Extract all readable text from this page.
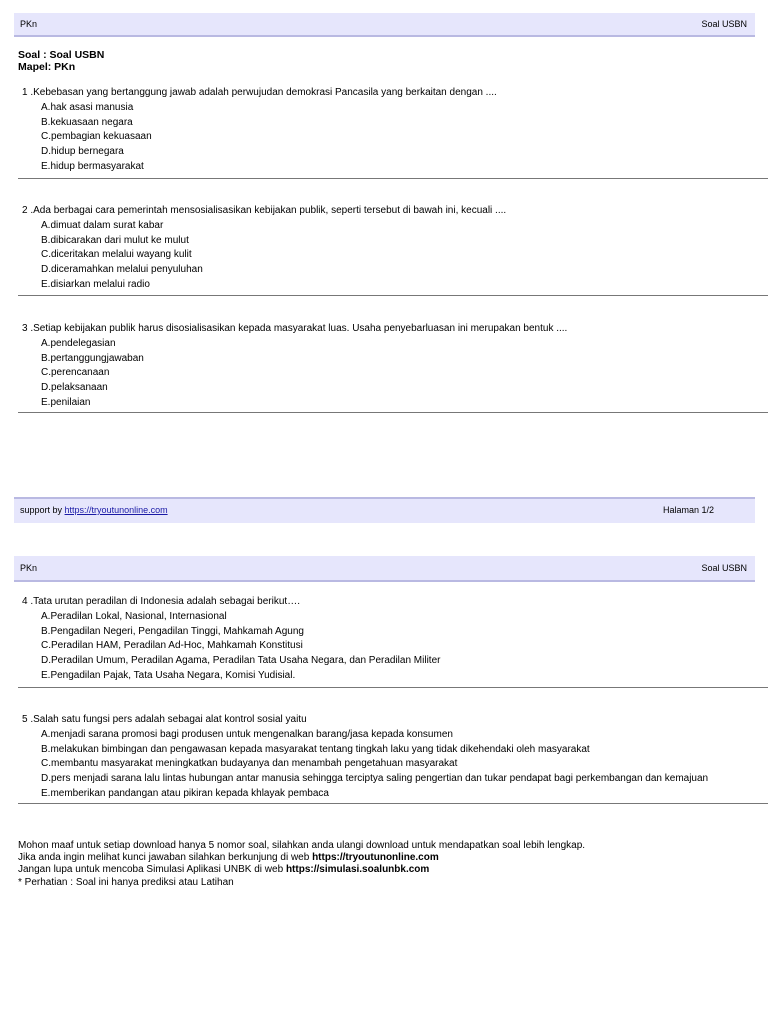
PKn	Soal USBN
Soal : Soal USBN
Mapel: PKn
1 .Kebebasan yang bertanggung jawab adalah perwujudan demokrasi Pancasila yang berkaitan dengan ....
A.hak asasi manusia
B.kekuasaan negara
C.pembagian kekuasaan
D.hidup bernegara
E.hidup bermasyarakat
2 .Ada berbagai cara pemerintah mensosialisasikan kebijakan publik, seperti tersebut di bawah ini, kecuali ....
A.dimuat dalam surat kabar
B.dibicarakan dari mulut ke mulut
C.diceritakan melalui wayang kulit
D.diceramahkan melalui penyuluhan
E.disiarkan melalui radio
3 .Setiap kebijakan publik harus disosialisasikan kepada masyarakat luas. Usaha penyebarluasan ini merupakan bentuk ....
A.pendelegasian
B.pertanggungjawaban
C.perencanaan
D.pelaksanaan
E.penilaian
support by https://tryoutunonline.com	Halaman 1/2
PKn	Soal USBN
4 .Tata urutan peradilan di Indonesia adalah sebagai berikut….
A.Peradilan Lokal, Nasional, Internasional
B.Pengadilan Negeri, Pengadilan Tinggi, Mahkamah Agung
C.Peradilan HAM, Peradilan Ad-Hoc, Mahkamah Konstitusi
D.Peradilan Umum, Peradilan Agama, Peradilan Tata Usaha Negara, dan Peradilan Militer
E.Pengadilan Pajak, Tata Usaha Negara, Komisi Yudisial.
5 .Salah satu fungsi pers adalah sebagai alat kontrol sosial yaitu
A.menjadi sarana promosi bagi produsen untuk mengenalkan barang/jasa kepada konsumen
B.melakukan bimbingan dan pengawasan kepada masyarakat tentang tingkah laku yang tidak dikehendaki oleh masyarakat
C.membantu masyarakat meningkatkan budayanya dan menambah pengetahuan masyarakat
D.pers menjadi sarana lalu lintas hubungan antar manusia sehingga terciptya saling pengertian dan tukar pendapat bagi perkembangan dan kemajuan
E.memberikan pandangan atau pikiran kepada khlayak pembaca
Mohon maaf untuk setiap download hanya 5 nomor soal, silahkan anda ulangi download untuk mendapatkan soal lebih lengkap.
Jika anda ingin melihat kunci jawaban silahkan berkunjung di web https://tryoutunonline.com
Jangan lupa untuk mencoba Simulasi Aplikasi UNBK di web https://simulasi.soalunbk.com
* Perhatian : Soal ini hanya prediksi atau Latihan
